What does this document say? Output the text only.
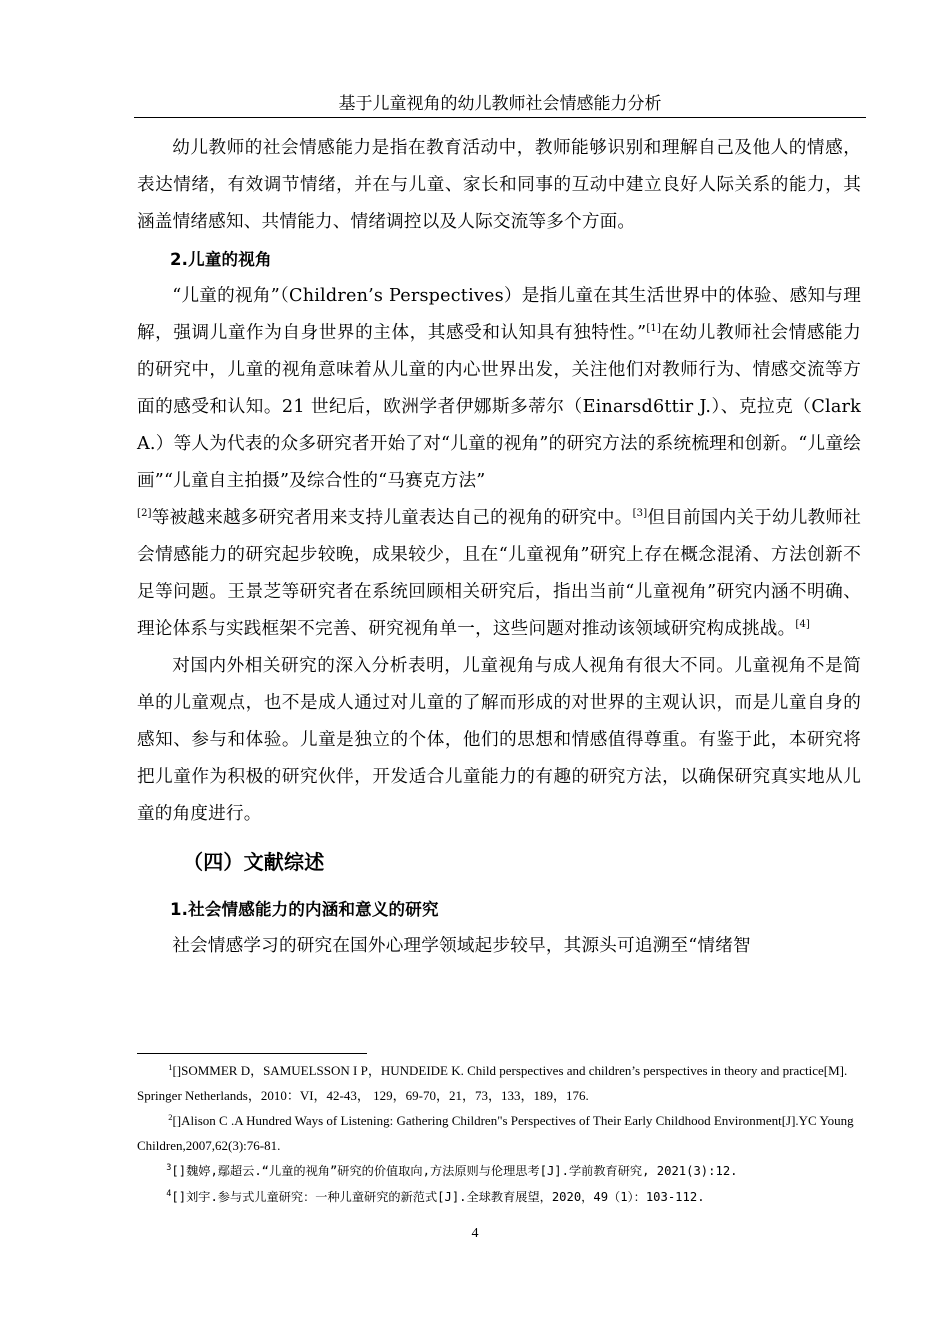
基于儿童视角的幼儿教师社会情感能力分析

幼儿教师的社会情感能力是指在教育活动中，教师能够识别和理解自己及他人的情感，表达情绪，有效调节情绪，并在与儿童、家长和同事的互动中建立良好人际关系的能力，其涵盖情绪感知、共情能力、情绪调控以及人际交流等多个方面。

2.儿童的视角

“儿童的视角”（Children’s Perspectives）是指儿童在其生活世界中的体验、感知与理解，强调儿童作为自身世界的主体，其感受和认知具有独特性。”[1]在幼儿教师社会情感能力的研究中，儿童的视角意味着从儿童的内心世界出发，关注他们对教师行为、情感交流等方面的感受和认知。21 世纪后，欧洲学者伊娜斯多蒂尔（Einarsd6ttir J.）、克拉克（Clark A.）等人为代表的众多研究者开始了对“儿童的视角”的研究方法的系统梳理和创新。“儿童绘画”“儿童自主拍摄”及综合性的“马赛克方法”

[2]等被越来越多研究者用来支持儿童表达自己的视角的研究中。[3]但目前国内关于幼儿教师社会情感能力的研究起步较晚，成果较少，且在“儿童视角”研究上存在概念混淆、方法创新不足等问题。王景芝等研究者在系统回顾相关研究后，指出当前“儿童视角”研究内涵不明确、理论体系与实践框架不完善、研究视角单一，这些问题对推动该领域研究构成挑战。[4]

对国内外相关研究的深入分析表明，儿童视角与成人视角有很大不同。儿童视角不是简单的儿童观点，也不是成人通过对儿童的了解而形成的对世界的主观认识，而是儿童自身的感知、参与和体验。儿童是独立的个体，他们的思想和情感值得尊重。有鉴于此，本研究将把儿童作为积极的研究伙伴，开发适合儿童能力的有趣的研究方法，以确保研究真实地从儿童的角度进行。

（四）文献综述

1.社会情感能力的内涵和意义的研究

社会情感学习的研究在国外心理学领域起步较早，其源头可追溯至“情绪智

$^1$[]SOMMER D，SAMUELSSON I P，HUNDEIDE K. Child perspectives and children’s perspectives in theory and practice[M]. Springer Netherlands，2010：VI，42-43， 129，69-70，21，73，133，189，176.

$^2$[]Alison C .A Hundred Ways of Listening: Gathering Children"s Perspectives of Their Early Childhood Environment[J].YC Young Children,2007,62(3):76-81.

$^3$[]魏婷,鄢超云.“儿童的视角”研究的价值取向,方法原则与伦理思考[J].学前教育研究, 2021(3):12.

$^4$[]刘宇.参与式儿童研究：一种儿童研究的新范式[J].全球教育展望，2020，49（1）：103-112.

4
